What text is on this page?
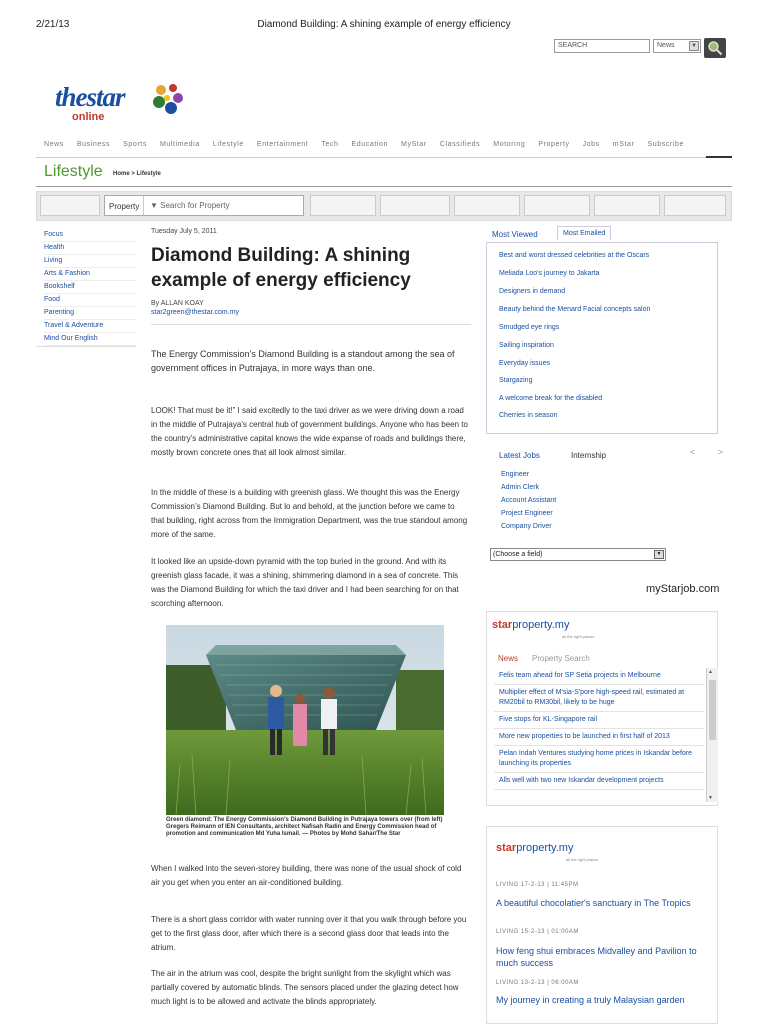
2/21/13	Diamond Building: A shining example of energy efficiency
SEARCH	News	▼
thestar
online
News Business Sports Multimedia Lifestyle Entertainment Tech Education MyStar Classifieds Motoring Property Jobs mStar Subscribe
Lifestyle Home > Lifestyle
Property ▼ Search for Property
Focus
Health
Living
Arts & Fashion
Bookshelf
Food
Parenting
Travel & Adventure
Mind Our English
Tuesday July 5, 2011
Diamond Building: A shining example of energy efficiency
By ALLAN KOAY
star2green@thestar.com.my
The Energy Commission’s Diamond Building is a standout among the sea of government offices in Putrajaya, in more ways than one.
LOOK! That must be it!” I said excitedly to the taxi driver as we were driving down a road in the middle of Putrajaya’s central hub of government buildings. Anyone who has been to the country’s administrative capital knows the wide expanse of roads and buildings there, mostly brown concrete ones that all look almost similar.
In the middle of these is a building with greenish glass. We thought this was the Energy Commission’s Diamond Building. But lo and behold, at the junction before we came to that building, right across from the Immigration Department, was the true standout among more of the same.
It looked like an upside-down pyramid with the top buried in the ground. And with its greenish glass facade, it was a shining, shimmering diamond in a sea of concrete. This was the Diamond Building for which the taxi driver and I had been searching for on that scorching afternoon.
Green diamond: The Energy Commission’s Diamond Building in Putrajaya towers over (from left) Gregers Reimann of IEN Consultants, architect Nafisah Radin and Energy Commission head of promotion and communication Md Yuha Ismail. — Photos by Mohd Sahar/The Star
When I walked into the seven-storey building, there was none of the usual shock of cold air you get when you enter an air-conditioned building.
There is a short glass corridor with water running over it that you walk through before you get to the first glass door, after which there is a second glass door that leads into the atrium.
The air in the atrium was cool, despite the bright sunlight from the skylight which was partially covered by automatic blinds. The sensors placed under the glazing detect how much light is to be allowed and activate the blinds appropriately.
Most Viewed	Most Emailed
Best and worst dressed celebrities at the Oscars
Meliada Loo's journey to Jakarta
Designers in demand
Beauty behind the Menard Facial concepts salon
Smudged eye rings
Sailing inspiration
Everyday issues
Stargazing
A welcome break for the disabled
Cherries in season
Latest Jobs	Internship	< >
Engineer
Admin Clerk
Account Assistant
Project Engineer
Company Driver
(Choose a field)	▼
myStarjob.com
starproperty.my
all the right places
News Property Search
Felis team ahead for SP Setia projects in Melbourne
Multiplier effect of M'sia-S'pore high-speed rail, estimated at RM20bil to RM30bil, likely to be huge
Five stops for KL-Singapore rail
More new properties to be launched in first half of 2013
Pelan Indah Ventures studying home prices in Iskandar before launching its properties
Alls well with two new Iskandar development projects
▲
▼
starproperty.my
all the right places
LIVING 17-2-13 | 11:45PM
A beautiful chocolatier's sanctuary in The Tropics
LIVING 15-2-13 | 01:00AM
How feng shui embraces Midvalley and Pavilion to much success
LIVING 13-2-13 | 06:00AM
My journey in creating a truly Malaysian garden
